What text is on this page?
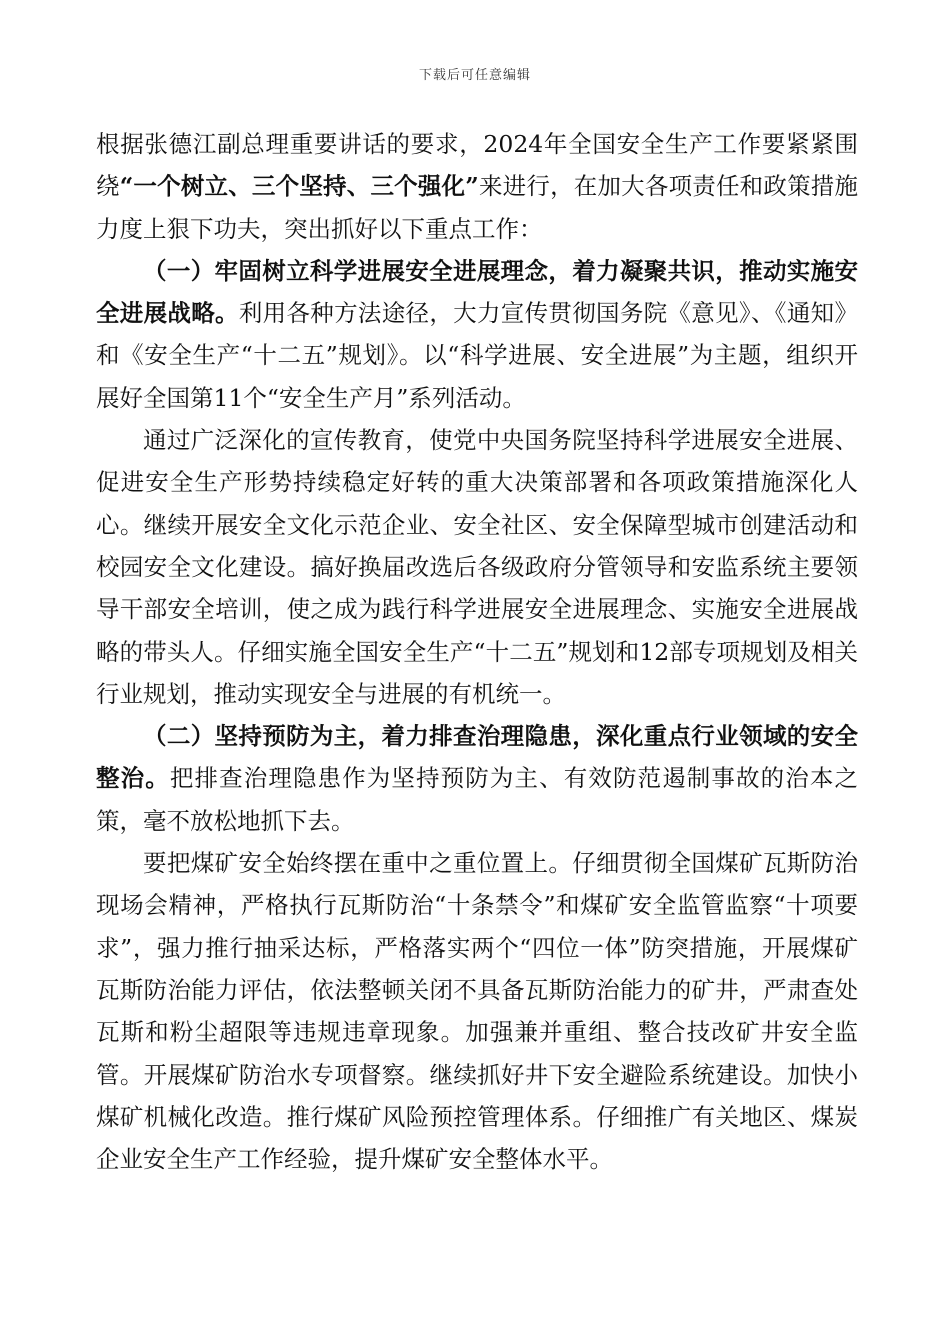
下载后可任意编辑

根据张德江副总理重要讲话的要求，2024年全国安全生产工作要紧紧围绕“一个树立、三个坚持、三个强化”来进行，在加大各项责任和政策措施力度上狠下功夫，突出抓好以下重点工作：

（一）牢固树立科学进展安全进展理念，着力凝聚共识，推动实施安全进展战略。利用各种方法途径，大力宣传贯彻国务院《意见》、《通知》和《安全生产“十二五”规划》。以“科学进展、安全进展”为主题，组织开展好全国第11个“安全生产月”系列活动。

通过广泛深化的宣传教育，使党中央国务院坚持科学进展安全进展、促进安全生产形势持续稳定好转的重大决策部署和各项政策措施深化人心。继续开展安全文化示范企业、安全社区、安全保障型城市创建活动和校园安全文化建设。搞好换届改选后各级政府分管领导和安监系统主要领导干部安全培训，使之成为践行科学进展安全进展理念、实施安全进展战略的带头人。仔细实施全国安全生产“十二五”规划和12部专项规划及相关行业规划，推动实现安全与进展的有机统一。

（二）坚持预防为主，着力排查治理隐患，深化重点行业领域的安全整治。把排查治理隐患作为坚持预防为主、有效防范遏制事故的治本之策，毫不放松地抓下去。

要把煤矿安全始终摆在重中之重位置上。仔细贯彻全国煤矿瓦斯防治现场会精神，严格执行瓦斯防治“十条禁令”和煤矿安全监管监察“十项要求”，强力推行抽采达标，严格落实两个“四位一体”防突措施，开展煤矿瓦斯防治能力评估，依法整顿关闭不具备瓦斯防治能力的矿井，严肃查处瓦斯和粉尘超限等违规违章现象。加强兼并重组、整合技改矿井安全监管。开展煤矿防治水专项督察。继续抓好井下安全避险系统建设。加快小煤矿机械化改造。推行煤矿风险预控管理体系。仔细推广有关地区、煤炭企业安全生产工作经验，提升煤矿安全整体水平。
